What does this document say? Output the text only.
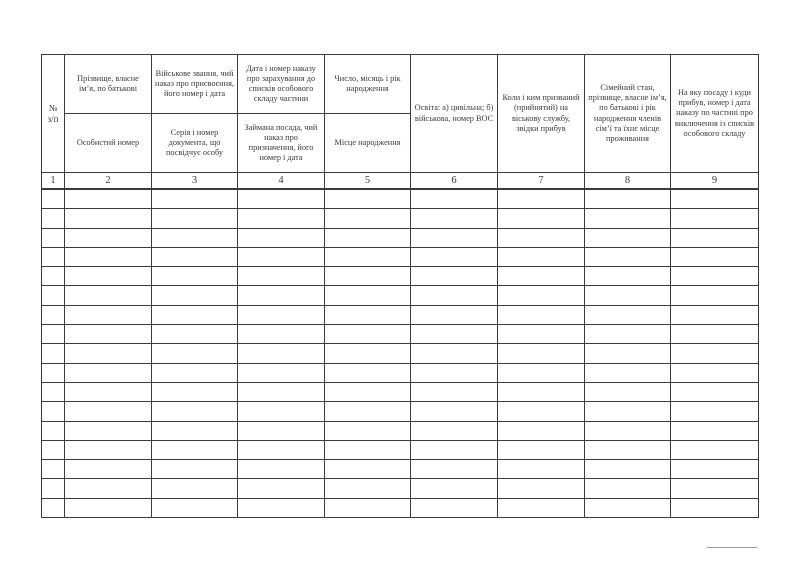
№ з/п	Прізвище, власне ім’я, по батькові	Військове звання, чий наказ про присвоєння, його номер і дата	Дата і номер наказу про зарахування до списків особового складу частини	Число, місяць і рік народження	Освіта: а) цивільна; б) військова, номер ВОС	Коли і ким призваний (прийнятий) на віськову службу, звідки прибув	Сімейний стан, прізвище, власне ім’я, по батькові і рік народження членів сім’ї та їхнє місце проживання	На яку посаду і куди прибув, номер і дата наказу по частині про виключення із списків особового складу
	Особистий номер	Серія і номер документа, що посвідчує особу	Займана посада, чий наказ про призначення, його номер і дата	Місце народження				
1	2	3	4	5	6	7	8	9
